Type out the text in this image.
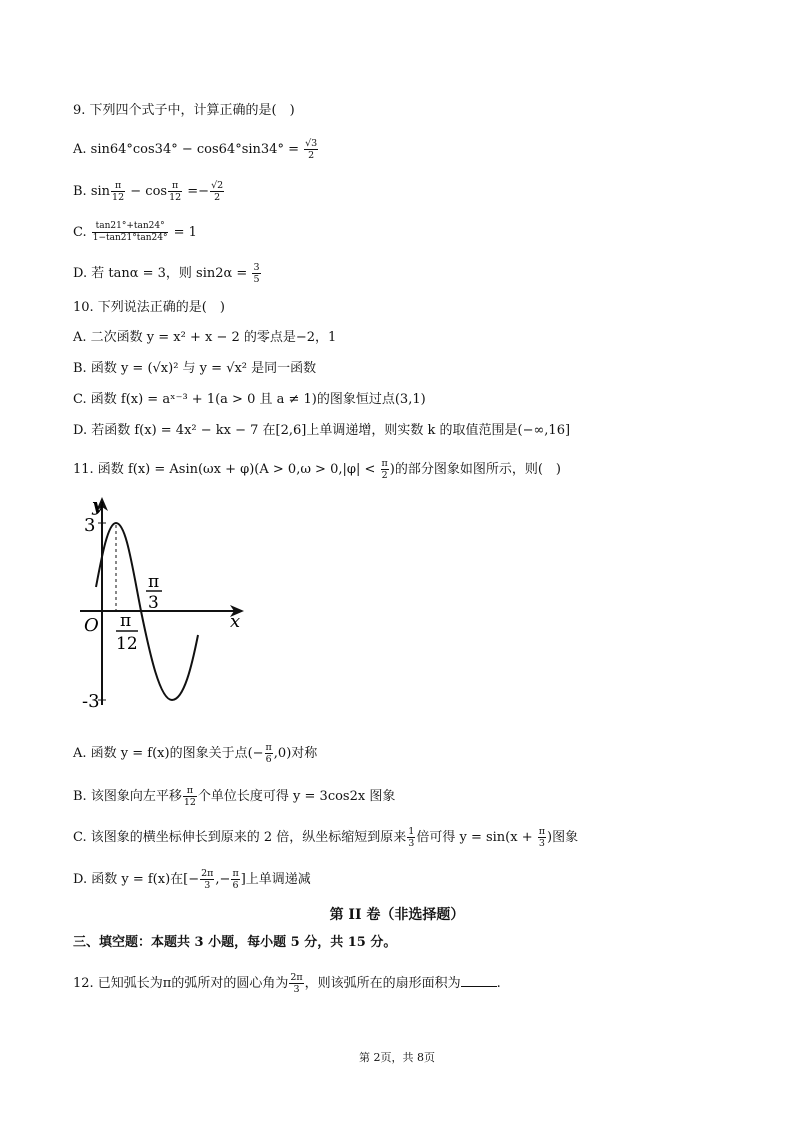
9. 下列四个式子中，计算正确的是(　)
A. $\sin 64^\circ\cos 34^\circ - \cos 64^\circ\sin 34^\circ = \frac{√3}{2}$
B. $\sin \frac{\pi}{12} - \cos \frac{\pi}{12} =- \frac{√2}{2}$
C. $\frac{\tan 21^\circ+\tan 24^\circ}{1-\tan 21^\circ\tan 24^\circ} = 1$
D. 若 tanα = 3，则 $\sin 2\alpha = \frac{3}{5}$
10. 下列说法正确的是(　)
A. 二次函数 y = x² + x − 2 的零点是−2，1
B. 函数 y = (√x)² 与 y = √x² 是同一函数
C. 函数 f(x) = aˣ⁻³ + 1(a > 0 且 a ≠ 1)的图象恒过点(3,1)
D. 若函数 f(x) = 4x² − kx − 7 在[2,6]上单调递增，则实数 k 的取值范围是(−∞,16]
11. 函数 $f(x) = Asin(\omega x + \varphi)(A > 0,\omega > 0,|\varphi| < \frac{\pi}{2}$ )的部分图象如图所示，则(　)
y
x
O
3
-3
π
12
π
3
A. 函数 y = f(x)的图象关于点(− $\frac{\pi}{6} ,0$)对称
B. 该图象向左平移 $\frac{\pi}{12}$ 个单位长度可得 y = 3cos2x 图象
C. 该图象的横坐标伸长到原来的 2 倍，纵坐标缩短到原来 $\frac{1}{3}$ 倍可得 $y = \sin(x + \frac{\pi}{3}$ )图象
D. 函数 y = f(x)在[− $\frac{2\pi}{3}$ ,− $\frac{\pi}{6}$ ]上单调递减
第 II 卷（非选择题）
三、填空题：本题共 3 小题，每小题 5 分，共 15 分。
12. 已知弧长为π的弧所对的圆心角为 $\frac{2\pi}{3}$ ，则该弧所在的扇形面积为	.
第 2页，共 8页
